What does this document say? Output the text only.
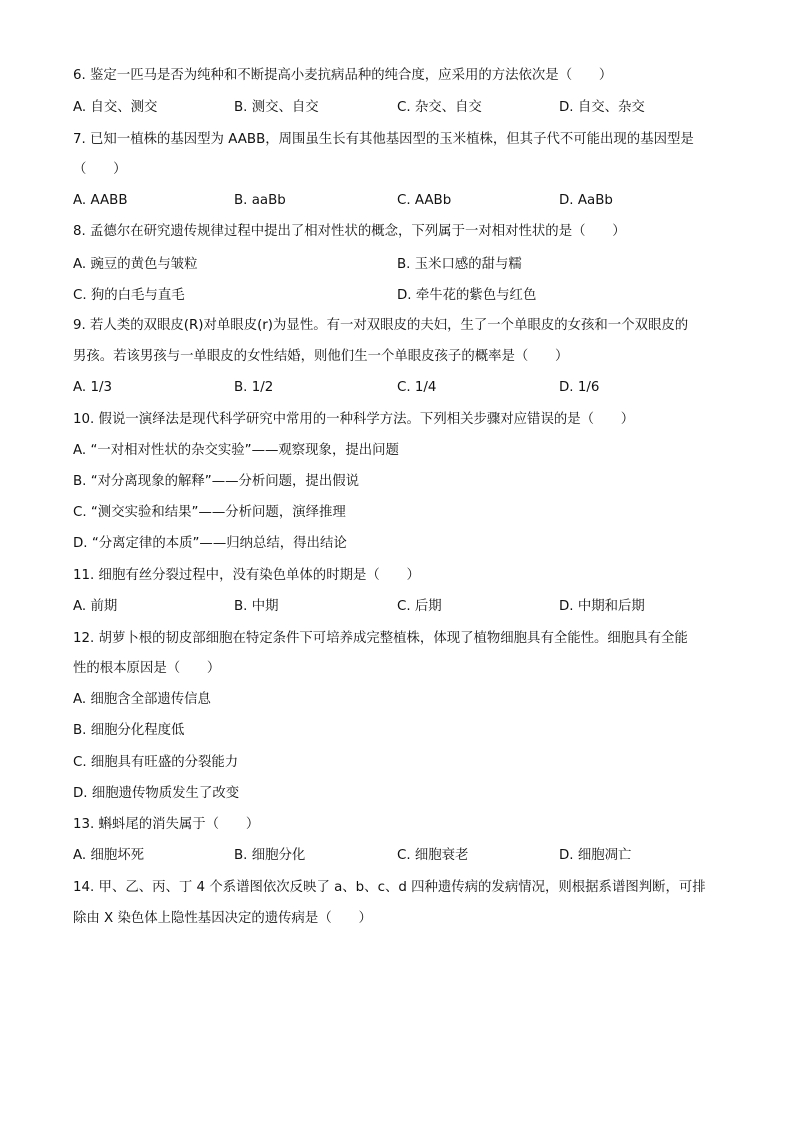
6. 鉴定一匹马是否为纯种和不断提高小麦抗病品种的纯合度，应采用的方法依次是（　　）
A. 自交、测交	B. 测交、自交	C. 杂交、自交	D. 自交、杂交
7. 已知一植株的基因型为 AABB，周围虽生长有其他基因型的玉米植株，但其子代不可能出现的基因型是
（　　）
A. AABB	B. aaBb	C. AABb	D. AaBb
8. 孟德尔在研究遗传规律过程中提出了相对性状的概念，下列属于一对相对性状的是（　　）
A. 豌豆的黄色与皱粒	B. 玉米口感的甜与糯
C. 狗的白毛与直毛	D. 牵牛花的紫色与红色
9. 若人类的双眼皮(R)对单眼皮(r)为显性。有一对双眼皮的夫妇，生了一个单眼皮的女孩和一个双眼皮的
男孩。若该男孩与一单眼皮的女性结婚，则他们生一个单眼皮孩子的概率是（　　）
A. 1/3	B. 1/2	C. 1/4	D. 1/6
10. 假说一演绎法是现代科学研究中常用的一种科学方法。下列相关步骤对应错误的是（　　）
A. “一对相对性状的杂交实验”——观察现象，提出问题
B. “对分离现象的解释”——分析问题，提出假说
C. “测交实验和结果”——分析问题，演绎推理
D. “分离定律的本质”——归纳总结，得出结论
11. 细胞有丝分裂过程中，没有染色单体的时期是（　　）
A. 前期	B. 中期	C. 后期	D. 中期和后期
12. 胡萝卜根的韧皮部细胞在特定条件下可培养成完整植株，体现了植物细胞具有全能性。细胞具有全能
性的根本原因是（　　）
A. 细胞含全部遗传信息
B. 细胞分化程度低
C. 细胞具有旺盛的分裂能力
D. 细胞遗传物质发生了改变
13. 蝌蚪尾的消失属于（　　）
A. 细胞坏死	B. 细胞分化	C. 细胞衰老	D. 细胞凋亡
14. 甲、乙、丙、丁 4 个系谱图依次反映了 a、b、c、d 四种遗传病的发病情况，则根据系谱图判断，可排
除由 X 染色体上隐性基因决定的遗传病是（　　）
